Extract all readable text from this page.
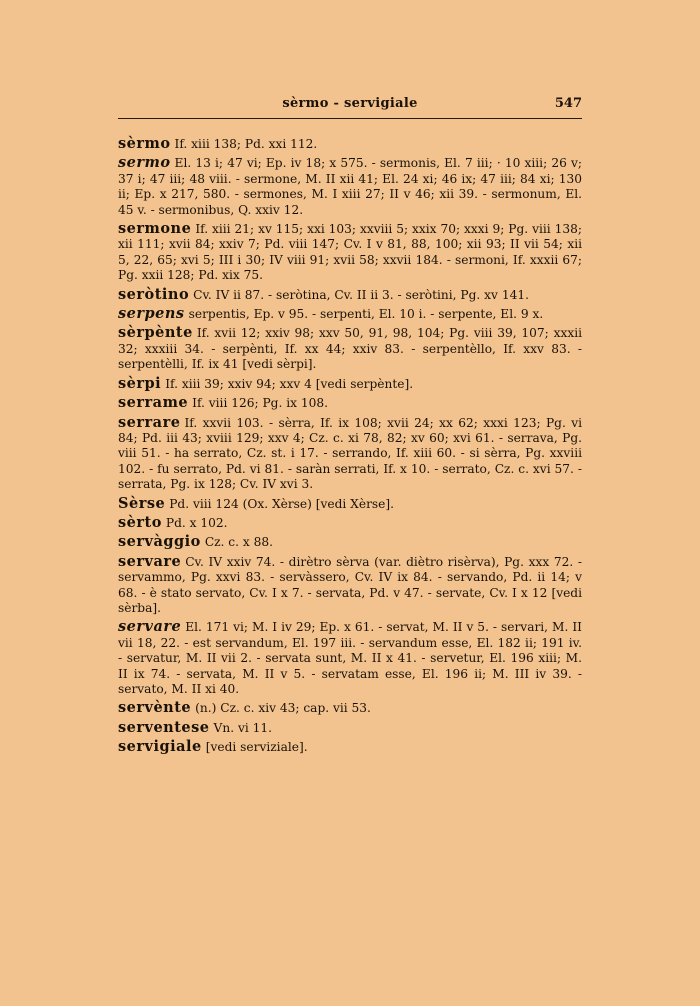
sèrmo - servigiale	547

sèrmo If. xiii 138; Pd. xxi 112.

sermo El. 13 i; 47 vi; Ep. iv 18; x 575. - sermonis, El. 7 iii; · 10 xiii; 26 v; 37 i; 47 iii; 48 viii. - sermone, M. II xii 41; El. 24 xi; 46 ix; 47 iii; 84 xi; 130 ii; Ep. x 217, 580. - sermones, M. I xiii 27; II v 46; xii 39. - sermonum, El. 45 v. - sermonibus, Q. xxiv 12.

sermone If. xiii 21; xv 115; xxi 103; xxviii 5; xxix 70; xxxi 9; Pg. viii 138; xii 111; xvii 84; xxiv 7; Pd. viii 147; Cv. I v 81, 88, 100; xii 93; II vii 54; xii 5, 22, 65; xvi 5; III i 30; IV viii 91; xvii 58; xxvii 184. - sermoni, If. xxxii 67; Pg. xxii 128; Pd. xix 75.

seròtino Cv. IV ii 87. - seròtina, Cv. II ii 3. - seròtini, Pg. xv 141.

serpens serpentis, Ep. v 95. - serpenti, El. 10 i. - serpente, El. 9 x.

sèrpènte If. xvii 12; xxiv 98; xxv 50, 91, 98, 104; Pg. viii 39, 107; xxxii 32; xxxiii 34. - serpènti, If. xx 44; xxiv 83. - serpentèllo, If. xxv 83. - serpentèlli, If. ix 41 [vedi sèrpi].

sèrpi If. xiii 39; xxiv 94; xxv 4 [vedi serpènte].

serrame If. viii 126; Pg. ix 108.

serrare If. xxvii 103. - sèrra, If. ix 108; xvii 24; xx 62; xxxi 123; Pg. vi 84; Pd. iii 43; xviii 129; xxv 4; Cz. c. xi 78, 82; xv 60; xvi 61. - serrava, Pg. viii 51. - ha serrato, Cz. st. i 17. - serrando, If. xiii 60. - si sèrra, Pg. xxviii 102. - fu serrato, Pd. vi 81. - saràn serrati, If. x 10. - serrato, Cz. c. xvi 57. - serrata, Pg. ix 128; Cv. IV xvi 3.

Sèrse Pd. viii 124 (Ox. Xèrse) [vedi Xèrse].

sèrto Pd. x 102.

servàggio Cz. c. x 88.

servare Cv. IV xxiv 74. - dirètro sèrva (var. diètro risèrva), Pg. xxx 72. - servammo, Pg. xxvi 83. - servàssero, Cv. IV ix 84. - servando, Pd. ii 14; v 68. - è stato servato, Cv. I x 7. - servata, Pd. v 47. - servate, Cv. I x 12 [vedi sèrba].

servare El. 171 vi; M. I iv 29; Ep. x 61. - servat, M. II v 5. - servari, M. II vii 18, 22. - est servandum, El. 197 iii. - servandum esse, El. 182 ii; 191 iv. - servatur, M. II vii 2. - servata sunt, M. II x 41. - servetur, El. 196 xiii; M. II ix 74. - servata, M. II v 5. - servatam esse, El. 196 ii; M. III iv 39. - servato, M. II xi 40.

servènte (n.) Cz. c. xiv 43; cap. vii 53.

serventese Vn. vi 11.

servigiale [vedi serviziale].
